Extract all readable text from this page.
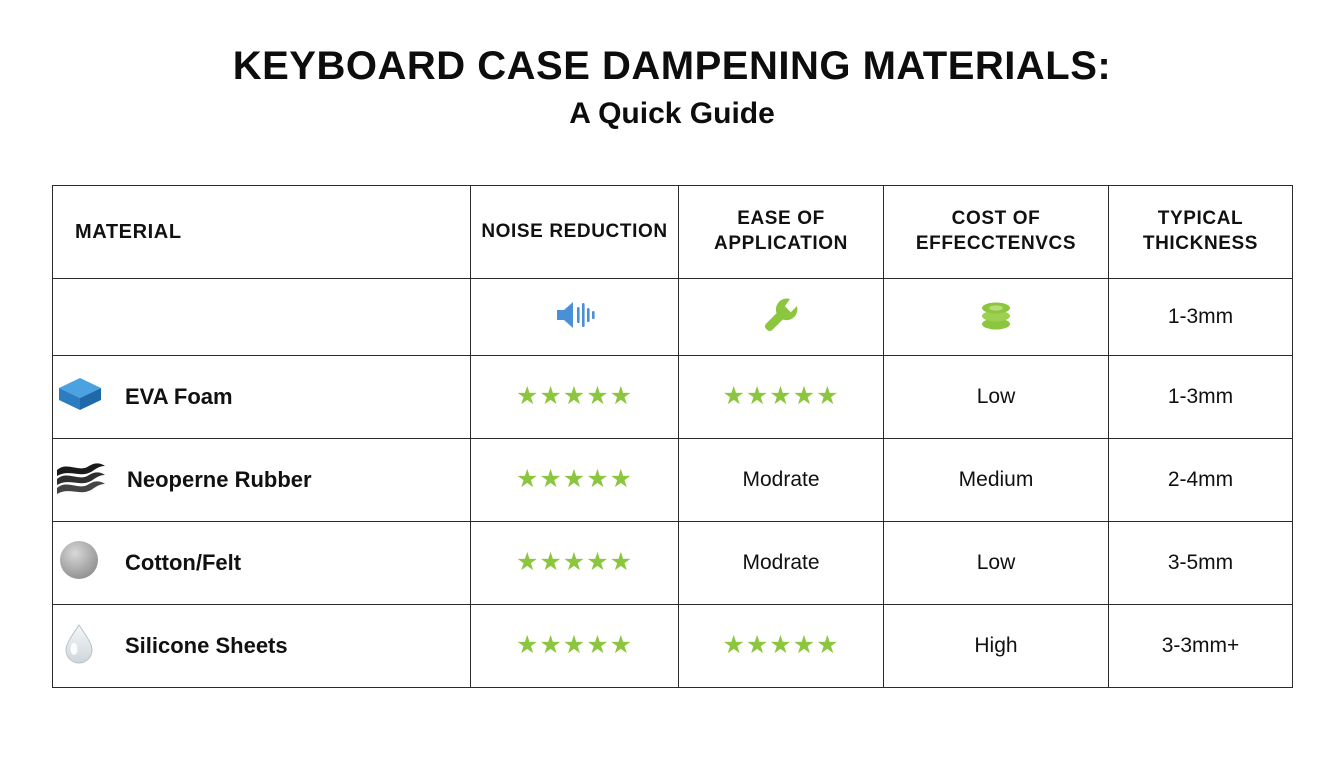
KEYBOARD CASE DAMPENING MATERIALS:
A Quick Guide
MATERIAL	NOISE REDUCTION	EASE OF APPLICATION	COST OF EFFECCTENVCS	TYPICAL THICKNESS
				1-3mm

EVA Foam	★★★★★	★★★★★	Low	1-3mm

Neoperne Rubber	★★★★★	Modrate	Medium	2-4mm

Cotton/Felt	★★★★★	Modrate	Low	3-5mm

Silicone Sheets	★★★★★	★★★★★	High	3-3mm+
